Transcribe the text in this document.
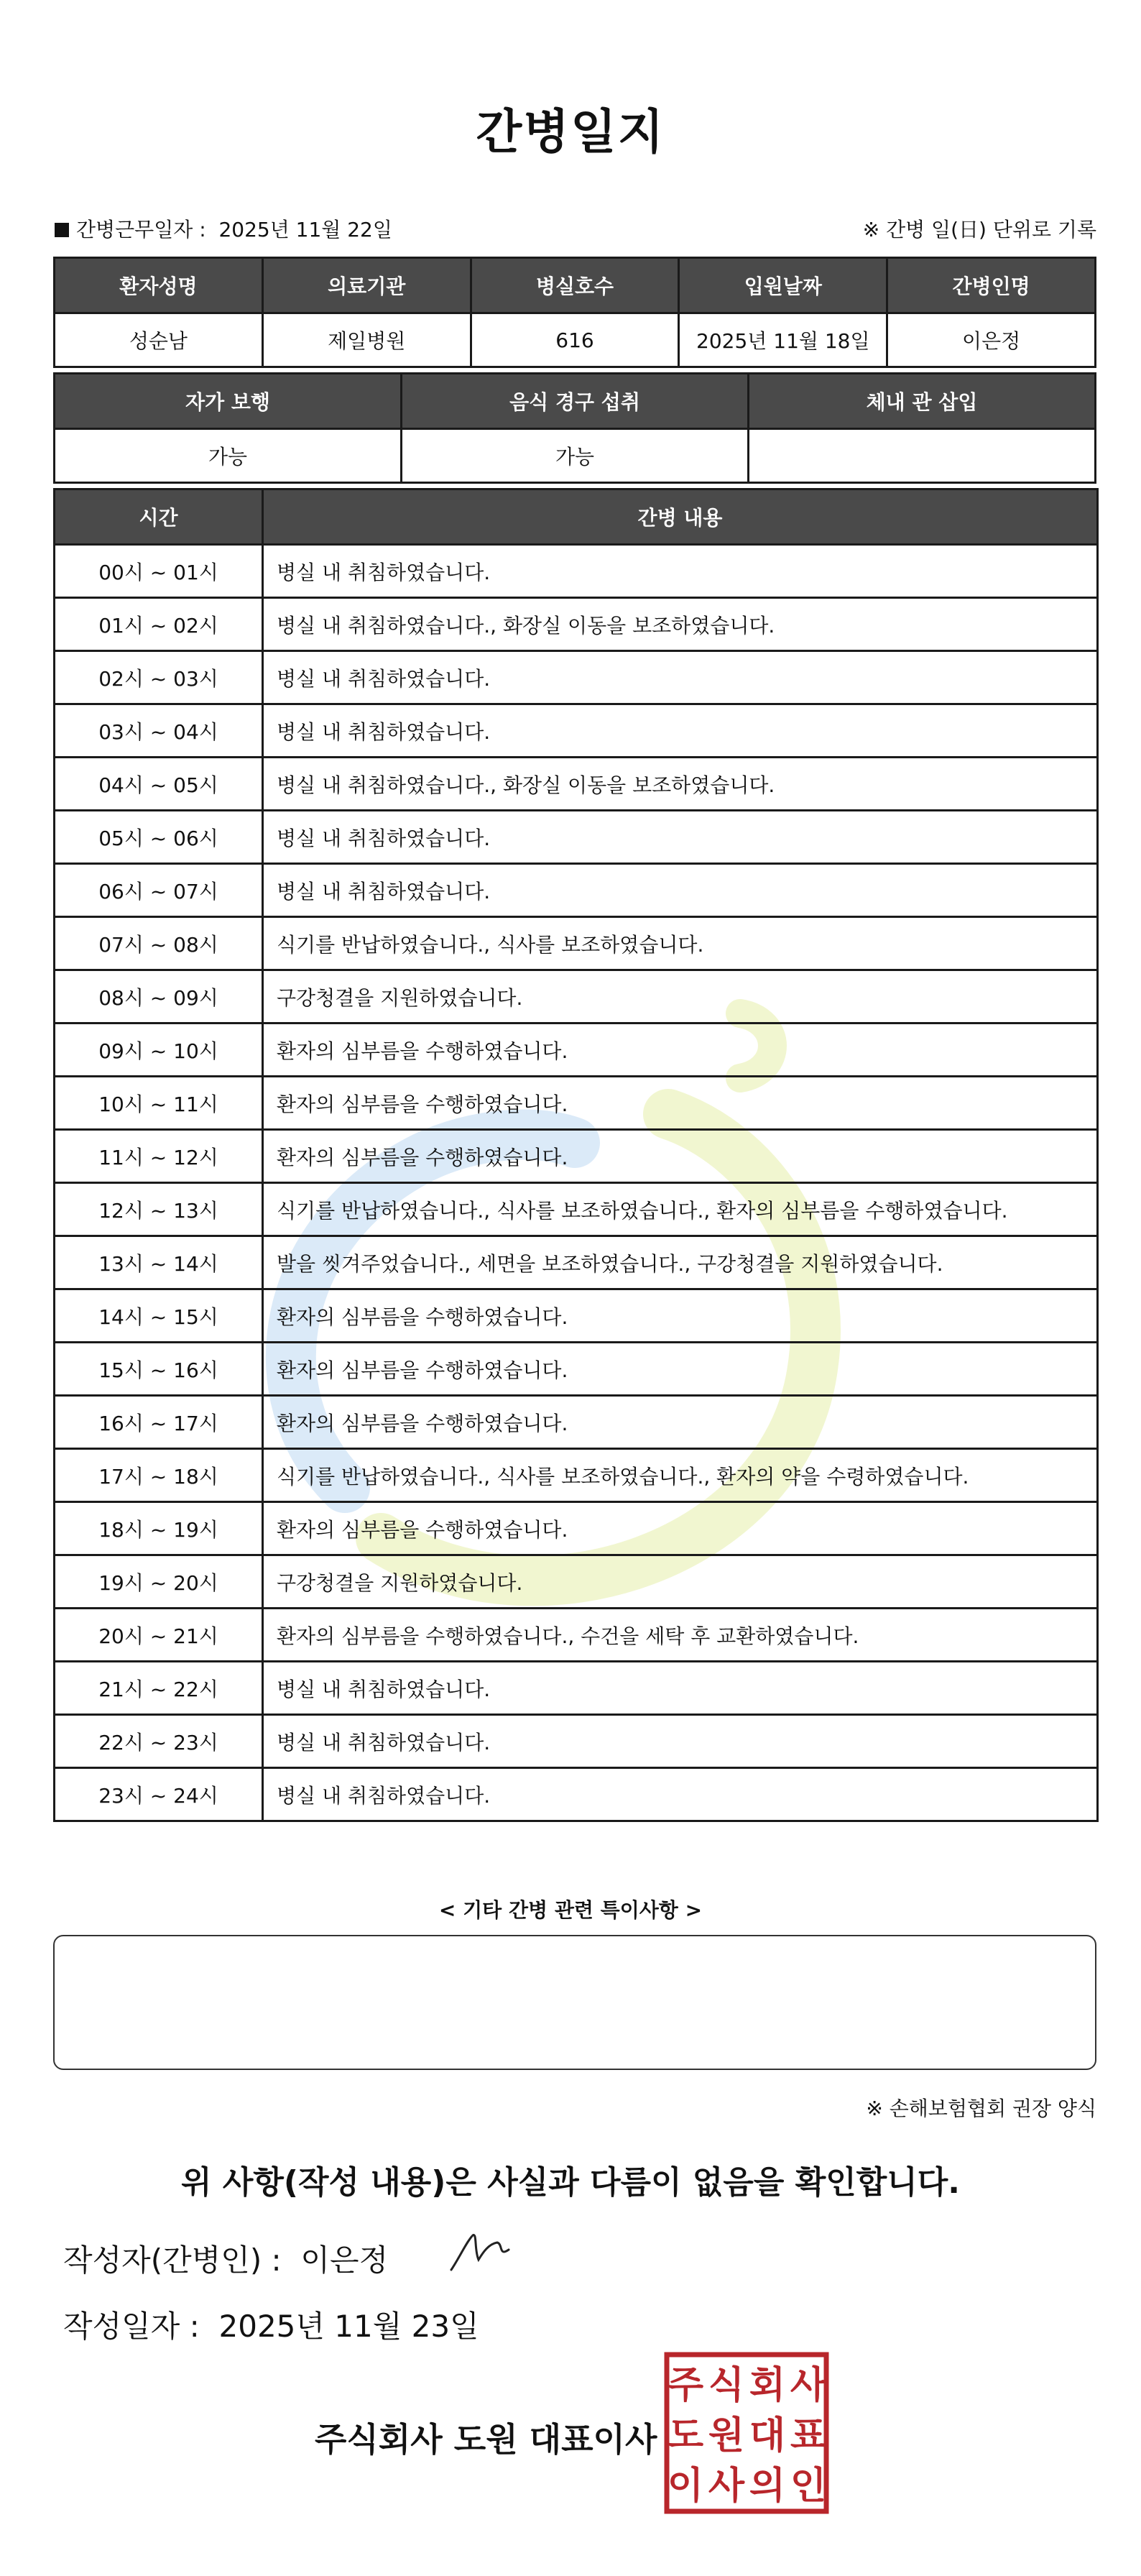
간병일지
간병근무일자 : 2025년 11월 22일	※ 간병 일(日) 단위로 기록
환자성명	의료기관	병실호수	입원날짜	간병인명
성순남	제일병원	616	2025년 11월 18일	이은정
자가 보행	음식 경구 섭취	체내 관 삽입
가능	가능	
시간	간병 내용
00시 ~ 01시	병실 내 취침하였습니다.
01시 ~ 02시	병실 내 취침하였습니다., 화장실 이동을 보조하였습니다.
02시 ~ 03시	병실 내 취침하였습니다.
03시 ~ 04시	병실 내 취침하였습니다.
04시 ~ 05시	병실 내 취침하였습니다., 화장실 이동을 보조하였습니다.
05시 ~ 06시	병실 내 취침하였습니다.
06시 ~ 07시	병실 내 취침하였습니다.
07시 ~ 08시	식기를 반납하였습니다., 식사를 보조하였습니다.
08시 ~ 09시	구강청결을 지원하였습니다.
09시 ~ 10시	환자의 심부름을 수행하였습니다.
10시 ~ 11시	환자의 심부름을 수행하였습니다.
11시 ~ 12시	환자의 심부름을 수행하였습니다.
12시 ~ 13시	식기를 반납하였습니다., 식사를 보조하였습니다., 환자의 심부름을 수행하였습니다.
13시 ~ 14시	발을 씻겨주었습니다., 세면을 보조하였습니다., 구강청결을 지원하였습니다.
14시 ~ 15시	환자의 심부름을 수행하였습니다.
15시 ~ 16시	환자의 심부름을 수행하였습니다.
16시 ~ 17시	환자의 심부름을 수행하였습니다.
17시 ~ 18시	식기를 반납하였습니다., 식사를 보조하였습니다., 환자의 약을 수령하였습니다.
18시 ~ 19시	환자의 심부름을 수행하였습니다.
19시 ~ 20시	구강청결을 지원하였습니다.
20시 ~ 21시	환자의 심부름을 수행하였습니다., 수건을 세탁 후 교환하였습니다.
21시 ~ 22시	병실 내 취침하였습니다.
22시 ~ 23시	병실 내 취침하였습니다.
23시 ~ 24시	병실 내 취침하였습니다.
< 기타 간병 관련 특이사항 >
※ 손해보험협회 권장 양식
위 사항(작성 내용)은 사실과 다름이 없음을 확인합니다.
작성자(간병인) : 이은정
작성일자 : 2025년 11월 23일
주식회사 도원 대표이사
주 식 회 사
도 원 대 표
이 사 의 인
